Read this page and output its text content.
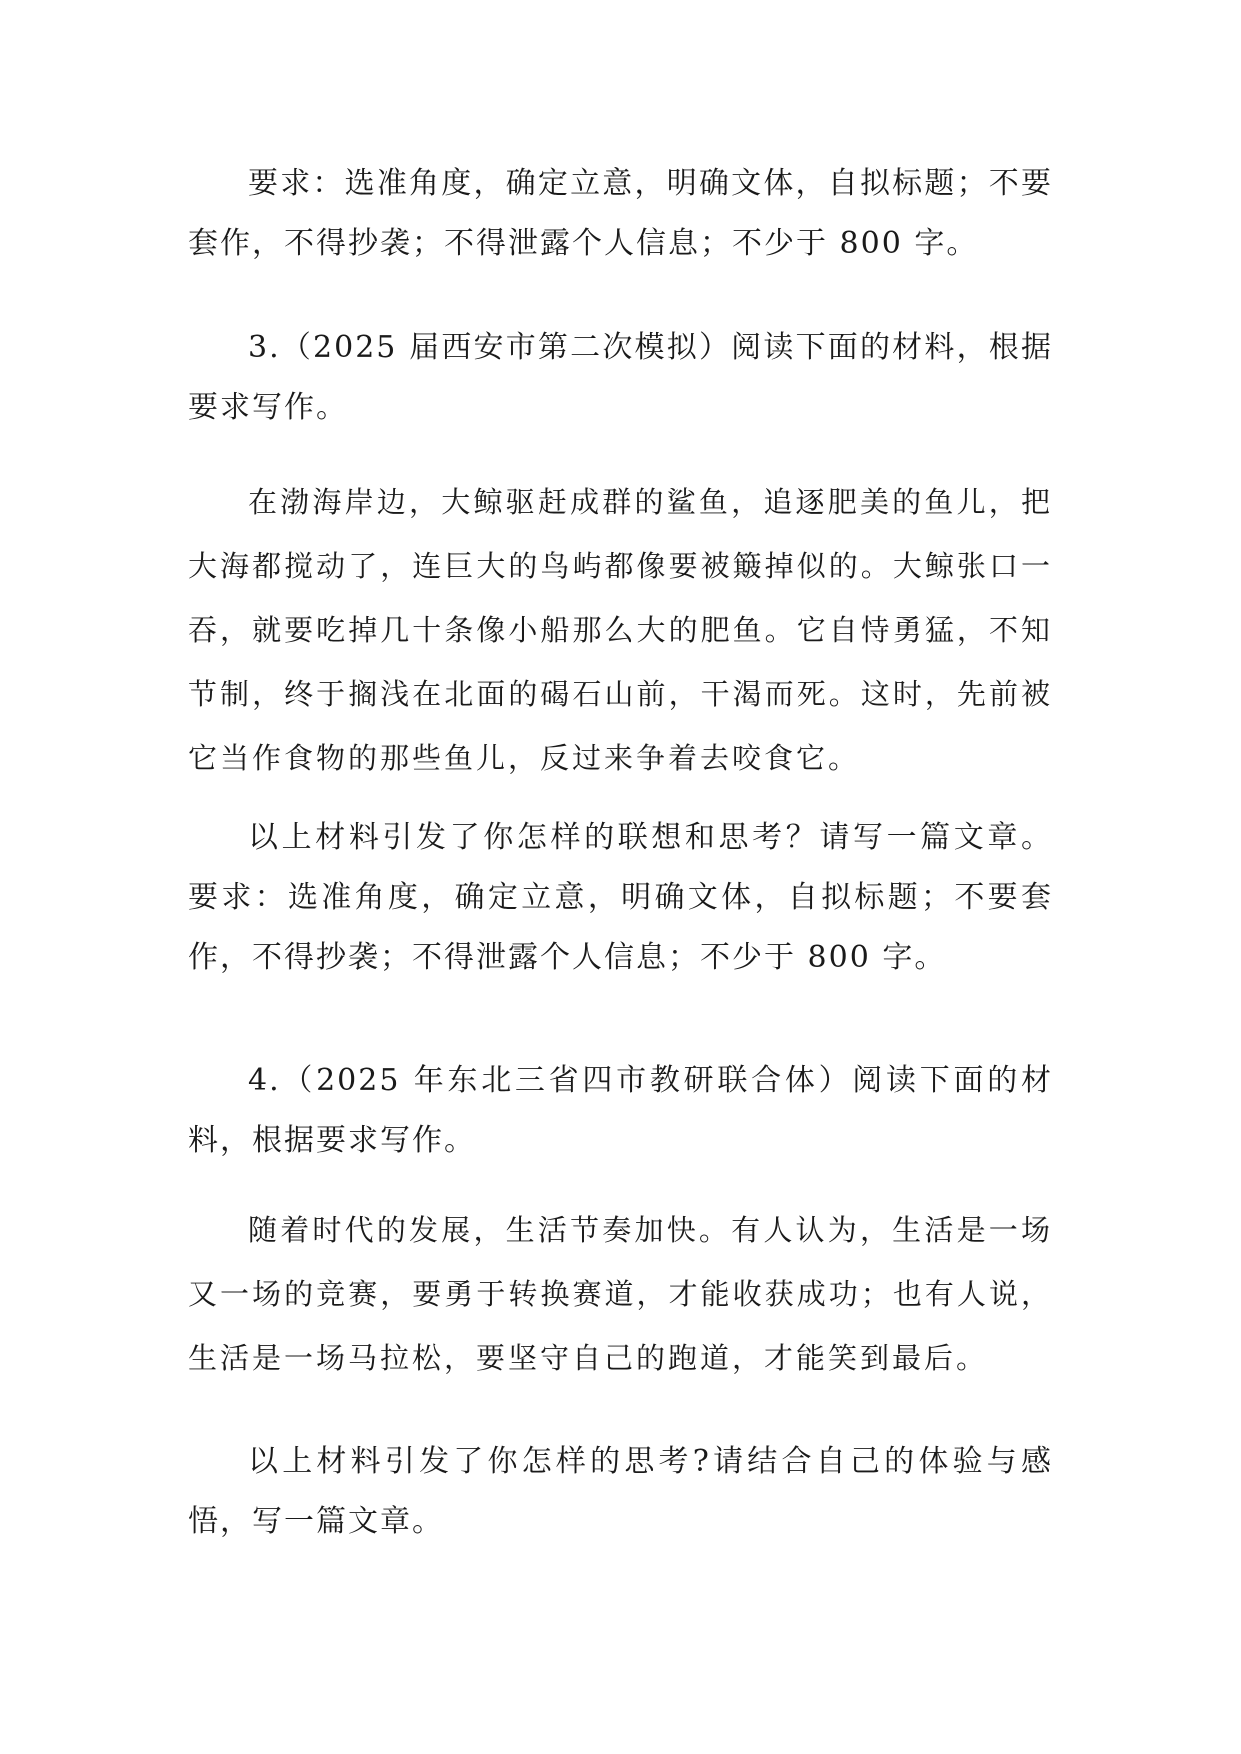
要求：选准角度，确定立意，明确文体，自拟标题；不要套作，不得抄袭；不得泄露个人信息；不少于 800 字。

3.（2025 届西安市第二次模拟）阅读下面的材料，根据要求写作。

在渤海岸边，大鲸驱赶成群的鲨鱼，追逐肥美的鱼儿，把大海都搅动了，连巨大的鸟屿都像要被簸掉似的。大鲸张口一吞，就要吃掉几十条像小船那么大的肥鱼。它自恃勇猛，不知节制，终于搁浅在北面的碣石山前，干渴而死。这时，先前被它当作食物的那些鱼儿，反过来争着去咬食它。

以上材料引发了你怎样的联想和思考？请写一篇文章。 要求：选准角度，确定立意，明确文体，自拟标题；不要套作，不得抄袭；不得泄露个人信息；不少于 800 字。

4.（2025 年东北三省四市教研联合体）阅读下面的材料，根据要求写作。

随着时代的发展，生活节奏加快。有人认为，生活是一场又一场的竞赛，要勇于转换赛道，才能收获成功；也有人说，生活是一场马拉松，要坚守自己的跑道，才能笑到最后。

以上材料引发了你怎样的思考?请结合自己的体验与感悟，写一篇文章。
